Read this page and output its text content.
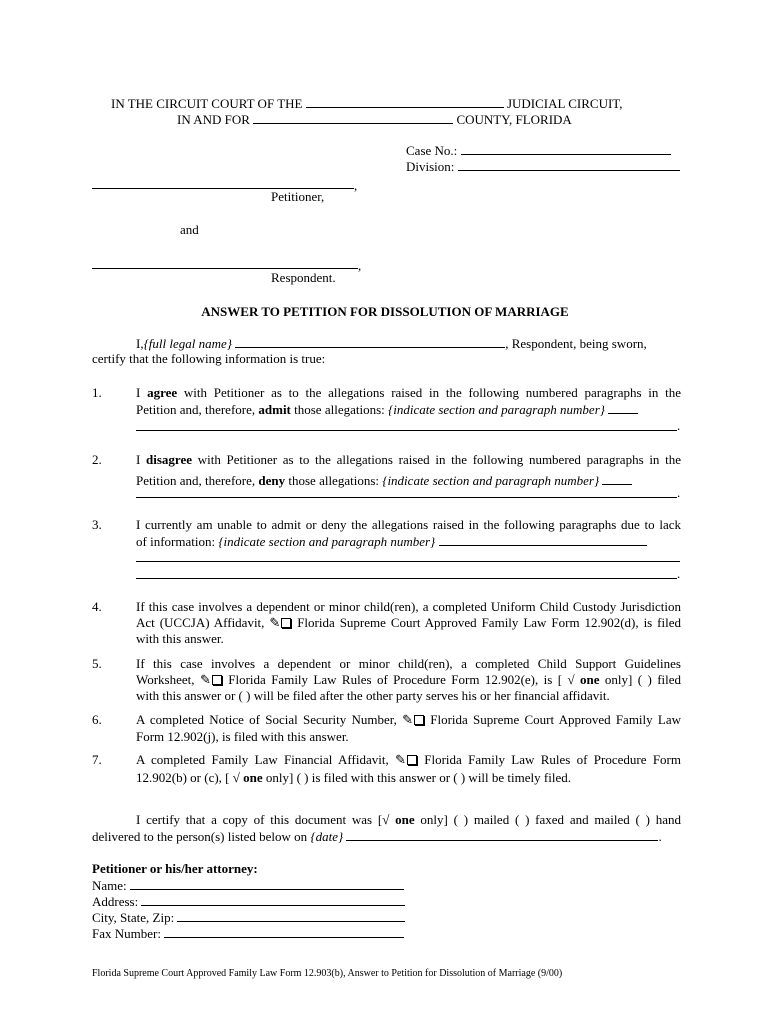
IN THE CIRCUIT COURT OF THE	JUDICIAL CIRCUIT,
IN AND FOR	COUNTY, FLORIDA
Case No.:
Division:
,
Petitioner,
and
,
Respondent.
ANSWER TO PETITION FOR DISSOLUTION OF MARRIAGE
I,{full legal name}	, Respondent, being sworn,
certify that the following information is true:
1.	I agree with Petitioner as to the allegations raised in the following numbered paragraphs in the
Petition and, therefore, admit those allegations: {indicate section and paragraph number}
.
2.	I disagree with Petitioner as to the allegations raised in the following numbered paragraphs in the
Petition and, therefore, deny those allegations: {indicate section and paragraph number}
.
3.	I currently am unable to admit or deny the allegations raised in the following paragraphs due to lack
of information: {indicate section and paragraph number}
.
4.	If this case involves a dependent or minor child(ren), a completed Uniform Child Custody Jurisdiction
Act (UCCJA) Affidavit, ✎ Florida Supreme Court Approved Family Law Form 12.902(d), is filed
with this answer.
5.	If this case involves a dependent or minor child(ren), a completed Child Support Guidelines
Worksheet, ✎ Florida Family Law Rules of Procedure Form 12.902(e), is [ √ one only] ( ) filed
with this answer or ( ) will be filed after the other party serves his or her financial affidavit.
6.	A completed Notice of Social Security Number, ✎ Florida Supreme Court Approved Family Law
Form 12.902(j), is filed with this answer.
7.	A completed Family Law Financial Affidavit, ✎ Florida Family Law Rules of Procedure Form
12.902(b) or (c), [ √ one only] ( ) is filed with this answer or ( ) will be timely filed.
I certify that a copy of this document was [√ one only] ( ) mailed ( ) faxed and mailed ( ) hand
delivered to the person(s) listed below on {date}	.
Petitioner or his/her attorney:
Name:
Address:
City, State, Zip:
Fax Number:
Florida Supreme Court Approved Family Law Form 12.903(b), Answer to Petition for Dissolution of Marriage (9/00)
